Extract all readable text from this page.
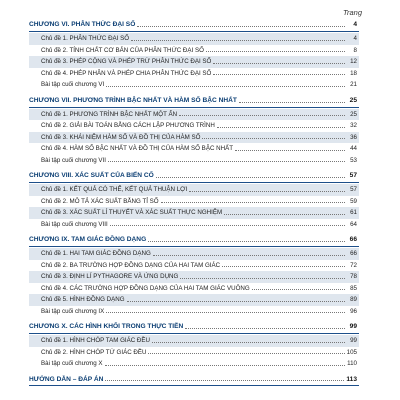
Trang
CHƯƠNG VI. PHÂN THỨC ĐẠI SỐ	4
Chủ đề 1. PHÂN THỨC ĐẠI SỐ	4
Chủ đề 2. TÍNH CHẤT CƠ BẢN CỦA PHÂN THỨC ĐẠI SỐ	8
Chủ đề 3. PHÉP CỘNG VÀ PHÉP TRỪ PHÂN THỨC ĐẠI SỐ	12
Chủ đề 4. PHÉP NHÂN VÀ PHÉP CHIA PHÂN THỨC ĐẠI SỐ	18
Bài tập cuối chương VI	21
CHƯƠNG VII. PHƯƠNG TRÌNH BẬC NHẤT VÀ HÀM SỐ BẬC NHẤT	25
Chủ đề 1. PHƯƠNG TRÌNH BẬC NHẤT MỘT ẨN	25
Chủ đề 2. GIẢI BÀI TOÁN BẰNG CÁCH LẬP PHƯƠNG TRÌNH	32
Chủ đề 3. KHÁI NIỆM HÀM SỐ VÀ ĐỒ THỊ CỦA HÀM SỐ	36
Chủ đề 4. HÀM SỐ BẬC NHẤT VÀ ĐỒ THỊ CỦA HÀM SỐ BẬC NHẤT	44
Bài tập cuối chương VII	53
CHƯƠNG VIII. XÁC SUẤT CỦA BIẾN CỐ	57
Chủ đề 1. KẾT QUẢ CÓ THỂ, KẾT QUẢ THUẬN LỢI	57
Chủ đề 2. MÔ TẢ XÁC SUẤT BẰNG TỈ SỐ	59
Chủ đề 3. XÁC SUẤT LÍ THUYẾT VÀ XÁC SUẤT THỰC NGHIỆM	61
Bài tập cuối chương VIII	64
CHƯƠNG IX. TAM GIÁC ĐỒNG DẠNG	66
Chủ đề 1. HAI TAM GIÁC ĐỒNG DẠNG	66
Chủ đề 2. BA TRƯỜNG HỢP ĐỒNG DẠNG CỦA HAI TAM GIÁC	72
Chủ đề 3. ĐỊNH LÍ PYTHAGORE VÀ ỨNG DỤNG	78
Chủ đề 4. CÁC TRƯỜNG HỢP ĐỒNG DẠNG CỦA HAI TAM GIÁC VUÔNG	85
Chủ đề 5. HÌNH ĐỒNG DẠNG	89
Bài tập cuối chương IX	96
CHƯƠNG X. CÁC HÌNH KHỐI TRONG THỰC TIỄN	99
Chủ đề 1. HÌNH CHÓP TAM GIÁC ĐỀU	99
Chủ đề 2. HÌNH CHÓP TỨ GIÁC ĐỀU	105
Bài tập cuối chương X	110
HƯỚNG DẪN – ĐÁP ÁN	113
